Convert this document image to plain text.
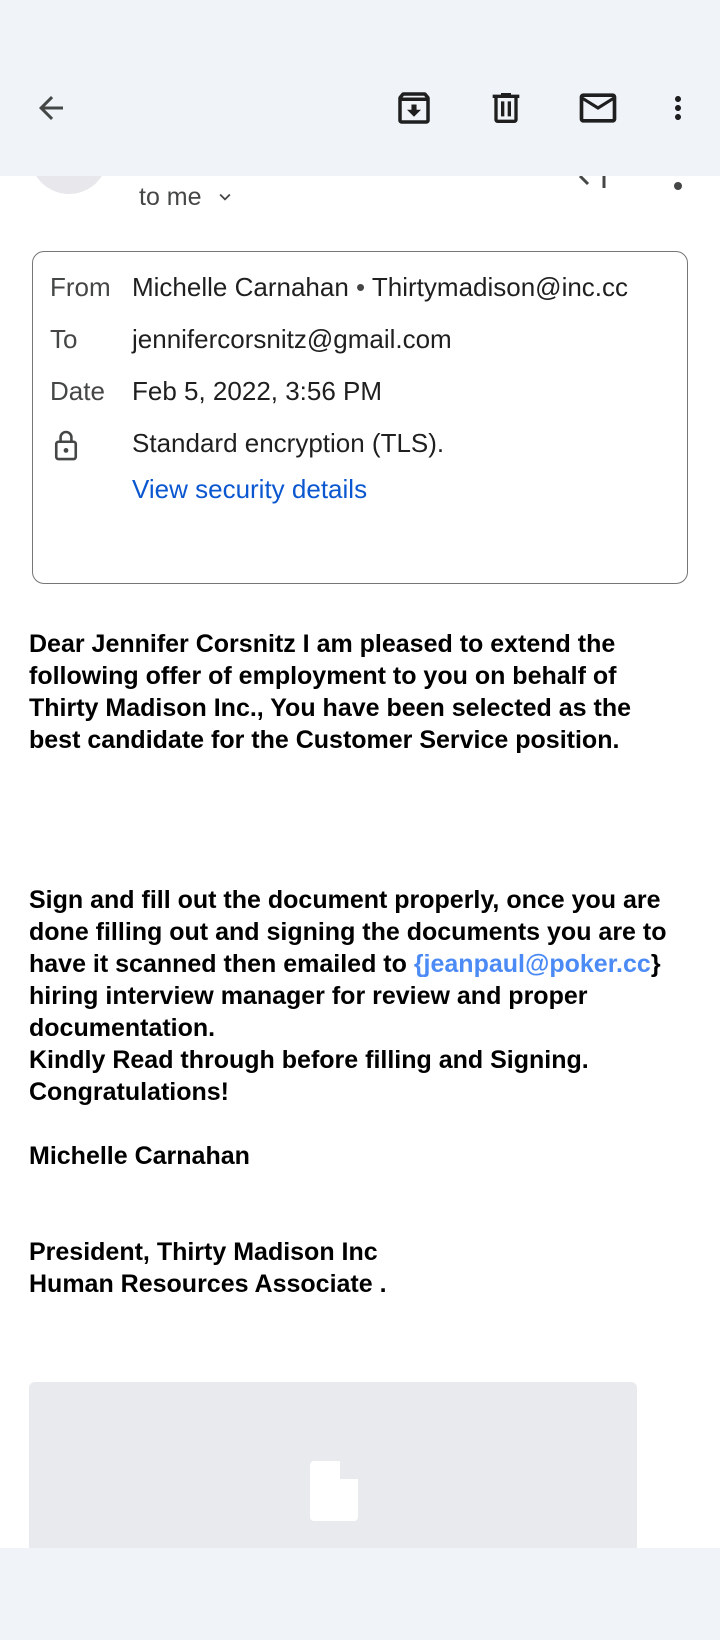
to me
From Michelle Carnahan • Thirtymadison@inc.cc
To jennifercorsnitz@gmail.com
Date Feb 5, 2022, 3:56 PM
Standard encryption (TLS).
View security details
Dear Jennifer Corsnitz I am pleased to extend the
following offer of employment to you on behalf of
Thirty Madison Inc., You have been selected as the
best candidate for the Customer Service position.
Sign and fill out the document properly, once you are
done filling out and signing the documents you are to
have it scanned then emailed to {jeanpaul@poker.cc}
hiring interview manager for review and proper
documentation.
Kindly Read through before filling and Signing.
Congratulations!
Michelle Carnahan
President, Thirty Madison Inc
Human Resources Associate .
